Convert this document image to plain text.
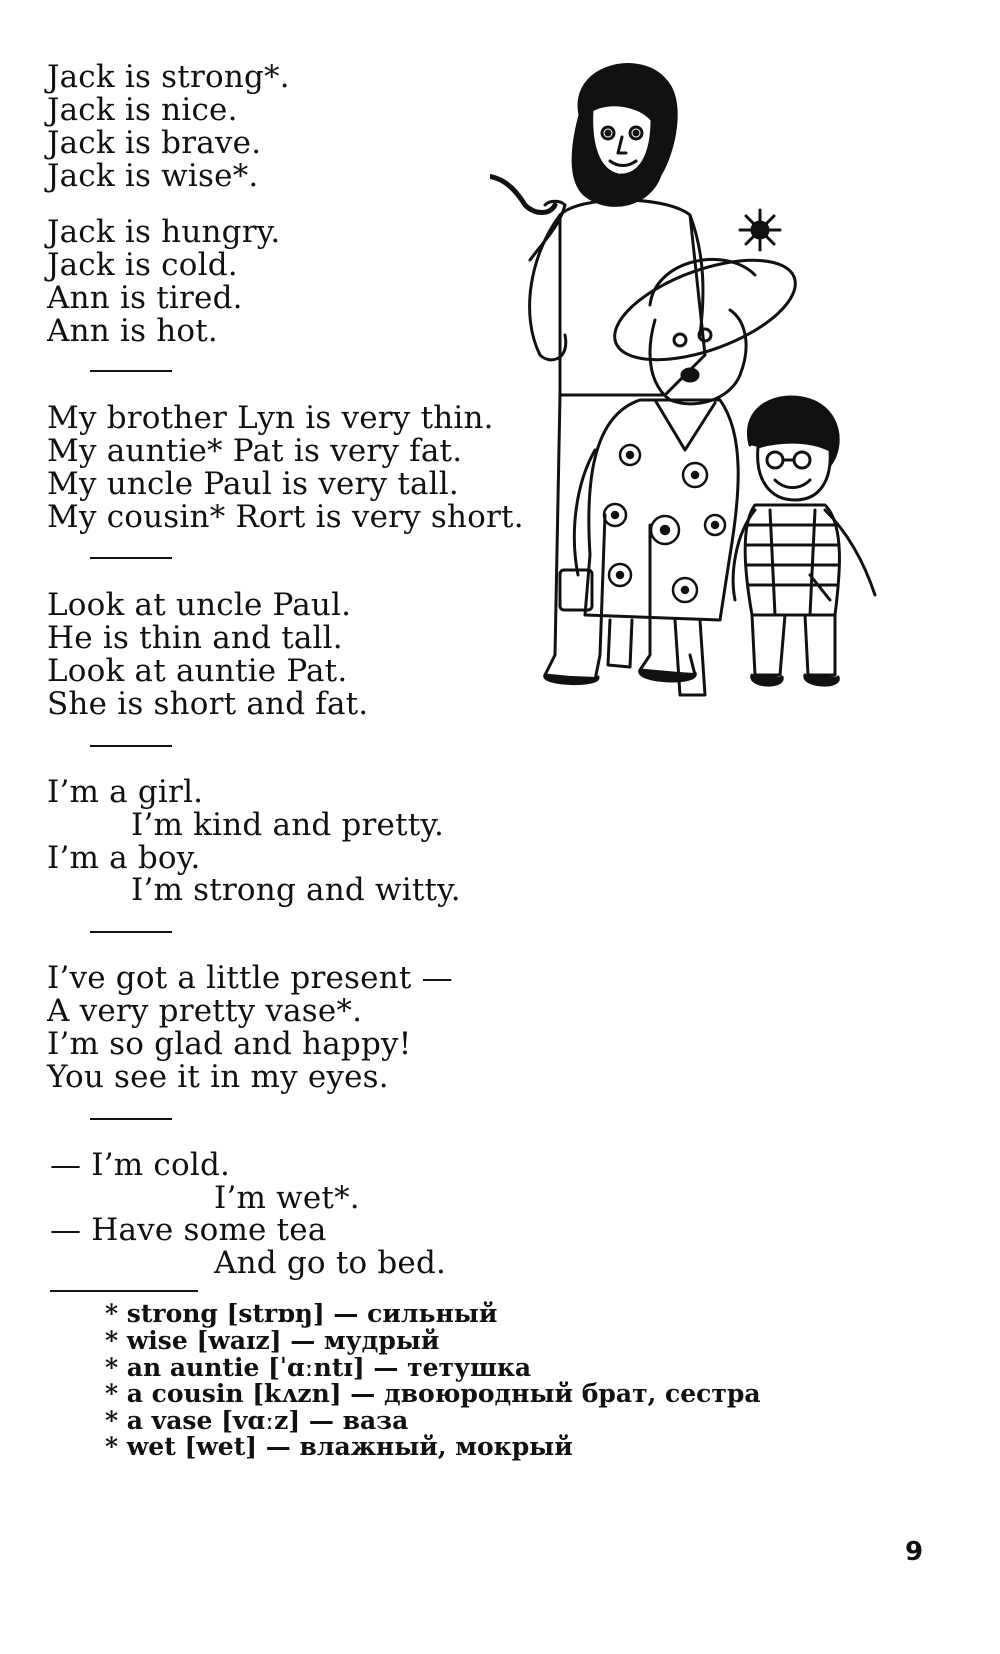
Jack is strong*.
Jack is nice.
Jack is brave.
Jack is wise*.
Jack is hungry.
Jack is cold.
Ann is tired.
Ann is hot.
My brother Lyn is very thin.
My auntie* Pat is very fat.
My uncle Paul is very tall.
My cousin* Rort is very short.
Look at uncle Paul.
He is thin and tall.
Look at auntie Pat.
She is short and fat.
I’m a girl.
I’m kind and pretty.
I’m a boy.
I’m strong and witty.
I’ve got a little present —
A very pretty vase*.
I’m so glad and happy!
You see it in my eyes.
— I’m cold.
I’m wet*.
— Have some tea
And go to bed.
* strong [strɒŋ] — сильный
* wise [waɪz] — мудрый
* an auntie [ˈɑːntɪ] — тетушка
* a cousin [kʌzn] — двоюродный брат, сестра
* a vase [vɑːz] — ваза
* wet [wet] — влажный, мокрый
9
